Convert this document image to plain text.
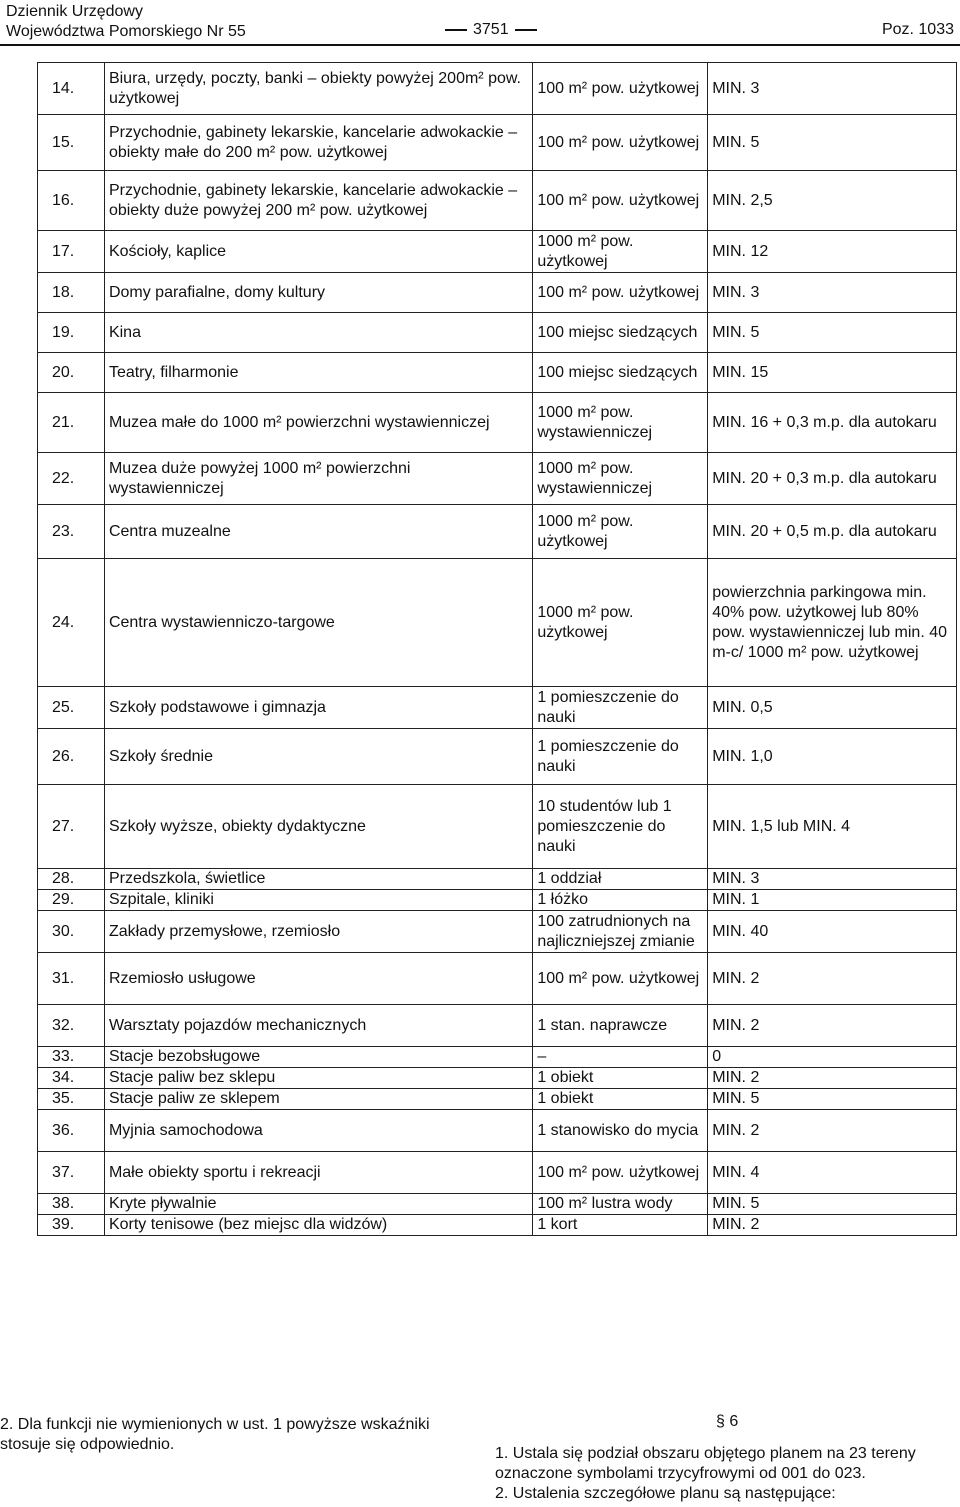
Dziennik Urzędowy
Województwa Pomorskiego Nr 55	3751	Poz. 1033
14.	Biura, urzędy, poczty, banki – obiekty powyżej 200m² pow. użytkowej	100 m² pow. użytkowej	MIN. 3
15.	Przychodnie, gabinety lekarskie, kancelarie adwokackie – obiekty małe do 200 m² pow. użytkowej	100 m² pow. użytkowej	MIN. 5
16.	Przychodnie, gabinety lekarskie, kancelarie adwokackie – obiekty duże powyżej 200 m² pow. użytkowej	100 m² pow. użytkowej	MIN. 2,5
17.	Kościoły, kaplice	1000 m² pow. użytkowej	MIN. 12
18.	Domy parafialne, domy kultury	100 m² pow. użytkowej	MIN. 3
19.	Kina	100 miejsc siedzących	MIN. 5
20.	Teatry, filharmonie	100 miejsc siedzących	MIN. 15
21.	Muzea małe do 1000 m² powierzchni wystawienniczej	1000 m² pow. wystawienniczej	MIN. 16 + 0,3 m.p. dla autokaru
22.	Muzea duże powyżej 1000 m² powierzchni wystawienniczej	1000 m² pow. wystawienniczej	MIN. 20 + 0,3 m.p. dla autokaru
23.	Centra muzealne	1000 m² pow. użytkowej	MIN. 20 + 0,5 m.p. dla autokaru
24.	Centra wystawienniczo-targowe	1000 m² pow. użytkowej	powierzchnia parkingowa min. 40% pow. użytkowej lub 80% pow. wystawienniczej lub min. 40 m-c/ 1000 m² pow. użytkowej
25.	Szkoły podstawowe i gimnazja	1 pomieszczenie do nauki	MIN. 0,5
26.	Szkoły średnie	1 pomieszczenie do nauki	MIN. 1,0
27.	Szkoły wyższe, obiekty dydaktyczne	10 studentów lub 1 pomieszczenie do nauki	MIN. 1,5 lub MIN. 4
28.	Przedszkola, świetlice	1 oddział	MIN. 3
29.	Szpitale, kliniki	1 łóżko	MIN. 1
30.	Zakłady przemysłowe, rzemiosło	100 zatrudnionych na najliczniejszej zmianie	MIN. 40
31.	Rzemiosło usługowe	100 m² pow. użytkowej	MIN. 2
32.	Warsztaty pojazdów mechanicznych	1 stan. naprawcze	MIN. 2
33.	Stacje bezobsługowe	–	0
34.	Stacje paliw bez sklepu	1 obiekt	MIN. 2
35.	Stacje paliw ze sklepem	1 obiekt	MIN. 5
36.	Myjnia samochodowa	1 stanowisko do mycia	MIN. 2
37.	Małe obiekty sportu i rekreacji	100 m² pow. użytkowej	MIN. 4
38.	Kryte pływalnie	100 m² lustra wody	MIN. 5
39.	Korty tenisowe (bez miejsc dla widzów)	1 kort	MIN. 2
2. Dla funkcji nie wymienionych w ust. 1 powyższe wskaźniki stosuje się odpowiednio.
§ 6

1. Ustala się podział obszaru objętego planem na 23 tereny oznaczone symbolami trzycyfrowymi od 001 do 023.

2. Ustalenia szczegółowe planu są następujące:
